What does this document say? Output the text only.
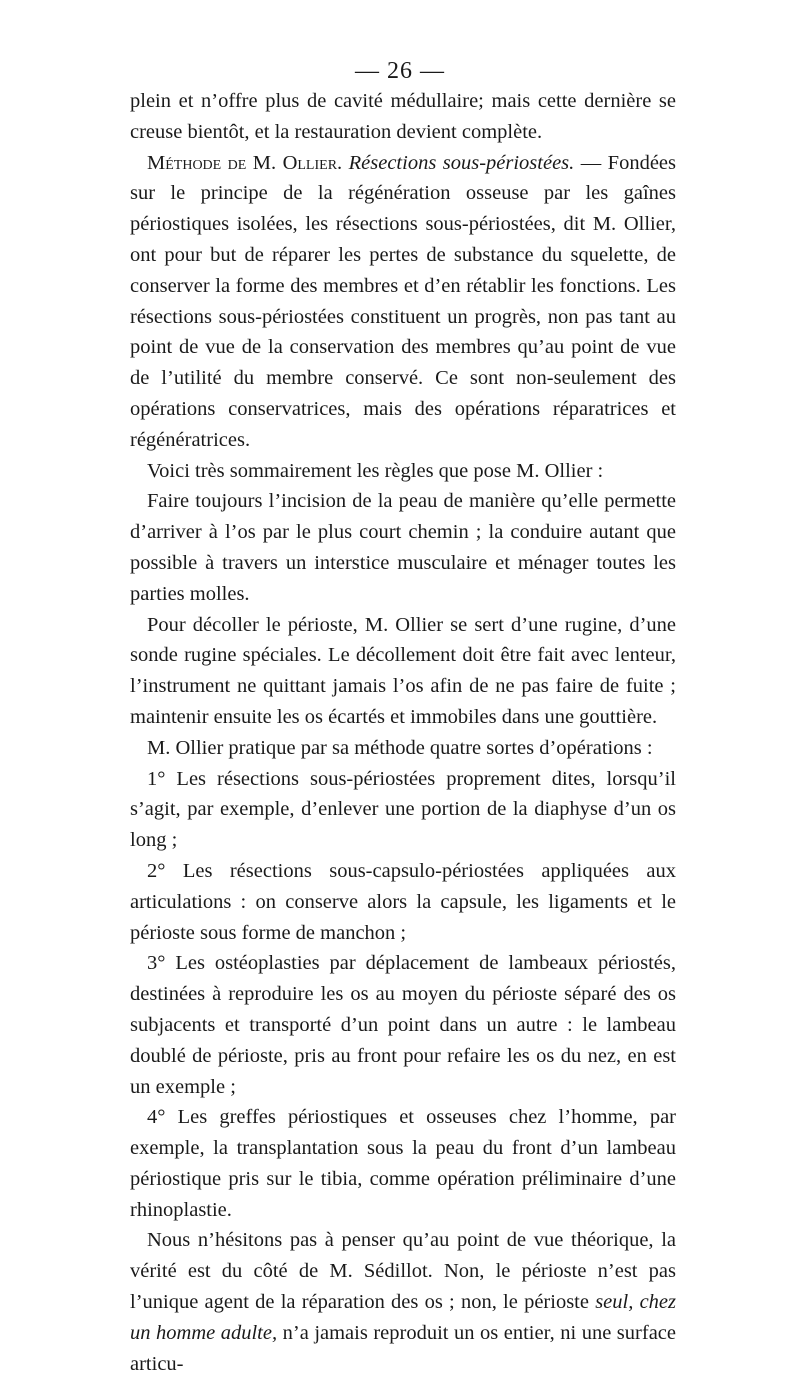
— 26 —

plein et n’offre plus de cavité médullaire; mais cette dernière se creuse bientôt, et la restauration devient complète.

Méthode de M. Ollier. Résections sous-périostées. — Fondées sur le principe de la régénération osseuse par les gaînes périostiques isolées, les résections sous-périostées, dit M. Ollier, ont pour but de réparer les pertes de substance du squelette, de conserver la forme des membres et d’en rétablir les fonctions. Les résections sous-périostées constituent un progrès, non pas tant au point de vue de la conservation des membres qu’au point de vue de l’utilité du membre conservé. Ce sont non-seulement des opérations conservatrices, mais des opérations réparatrices et régénératrices.

Voici très sommairement les règles que pose M. Ollier :

Faire toujours l’incision de la peau de manière qu’elle permette d’arriver à l’os par le plus court chemin ; la conduire autant que possible à travers un interstice musculaire et ménager toutes les parties molles.

Pour décoller le périoste, M. Ollier se sert d’une rugine, d’une sonde rugine spéciales. Le décollement doit être fait avec lenteur, l’instrument ne quittant jamais l’os afin de ne pas faire de fuite ; maintenir ensuite les os écartés et immobiles dans une gouttière.

M. Ollier pratique par sa méthode quatre sortes d’opérations :

1° Les résections sous-périostées proprement dites, lorsqu’il s’agit, par exemple, d’enlever une portion de la diaphyse d’un os long ;

2° Les résections sous-capsulo-périostées appliquées aux articulations : on conserve alors la capsule, les ligaments et le périoste sous forme de manchon ;

3° Les ostéoplasties par déplacement de lambeaux périostés, destinées à reproduire les os au moyen du périoste séparé des os subjacents et transporté d’un point dans un autre : le lambeau doublé de périoste, pris au front pour refaire les os du nez, en est un exemple ;

4° Les greffes périostiques et osseuses chez l’homme, par exemple, la transplantation sous la peau du front d’un lambeau périostique pris sur le tibia, comme opération préliminaire d’une rhinoplastie.

Nous n’hésitons pas à penser qu’au point de vue théorique, la vérité est du côté de M. Sédillot. Non, le périoste n’est pas l’unique agent de la réparation des os ; non, le périoste seul, chez un homme adulte, n’a jamais reproduit un os entier, ni une surface articu-
